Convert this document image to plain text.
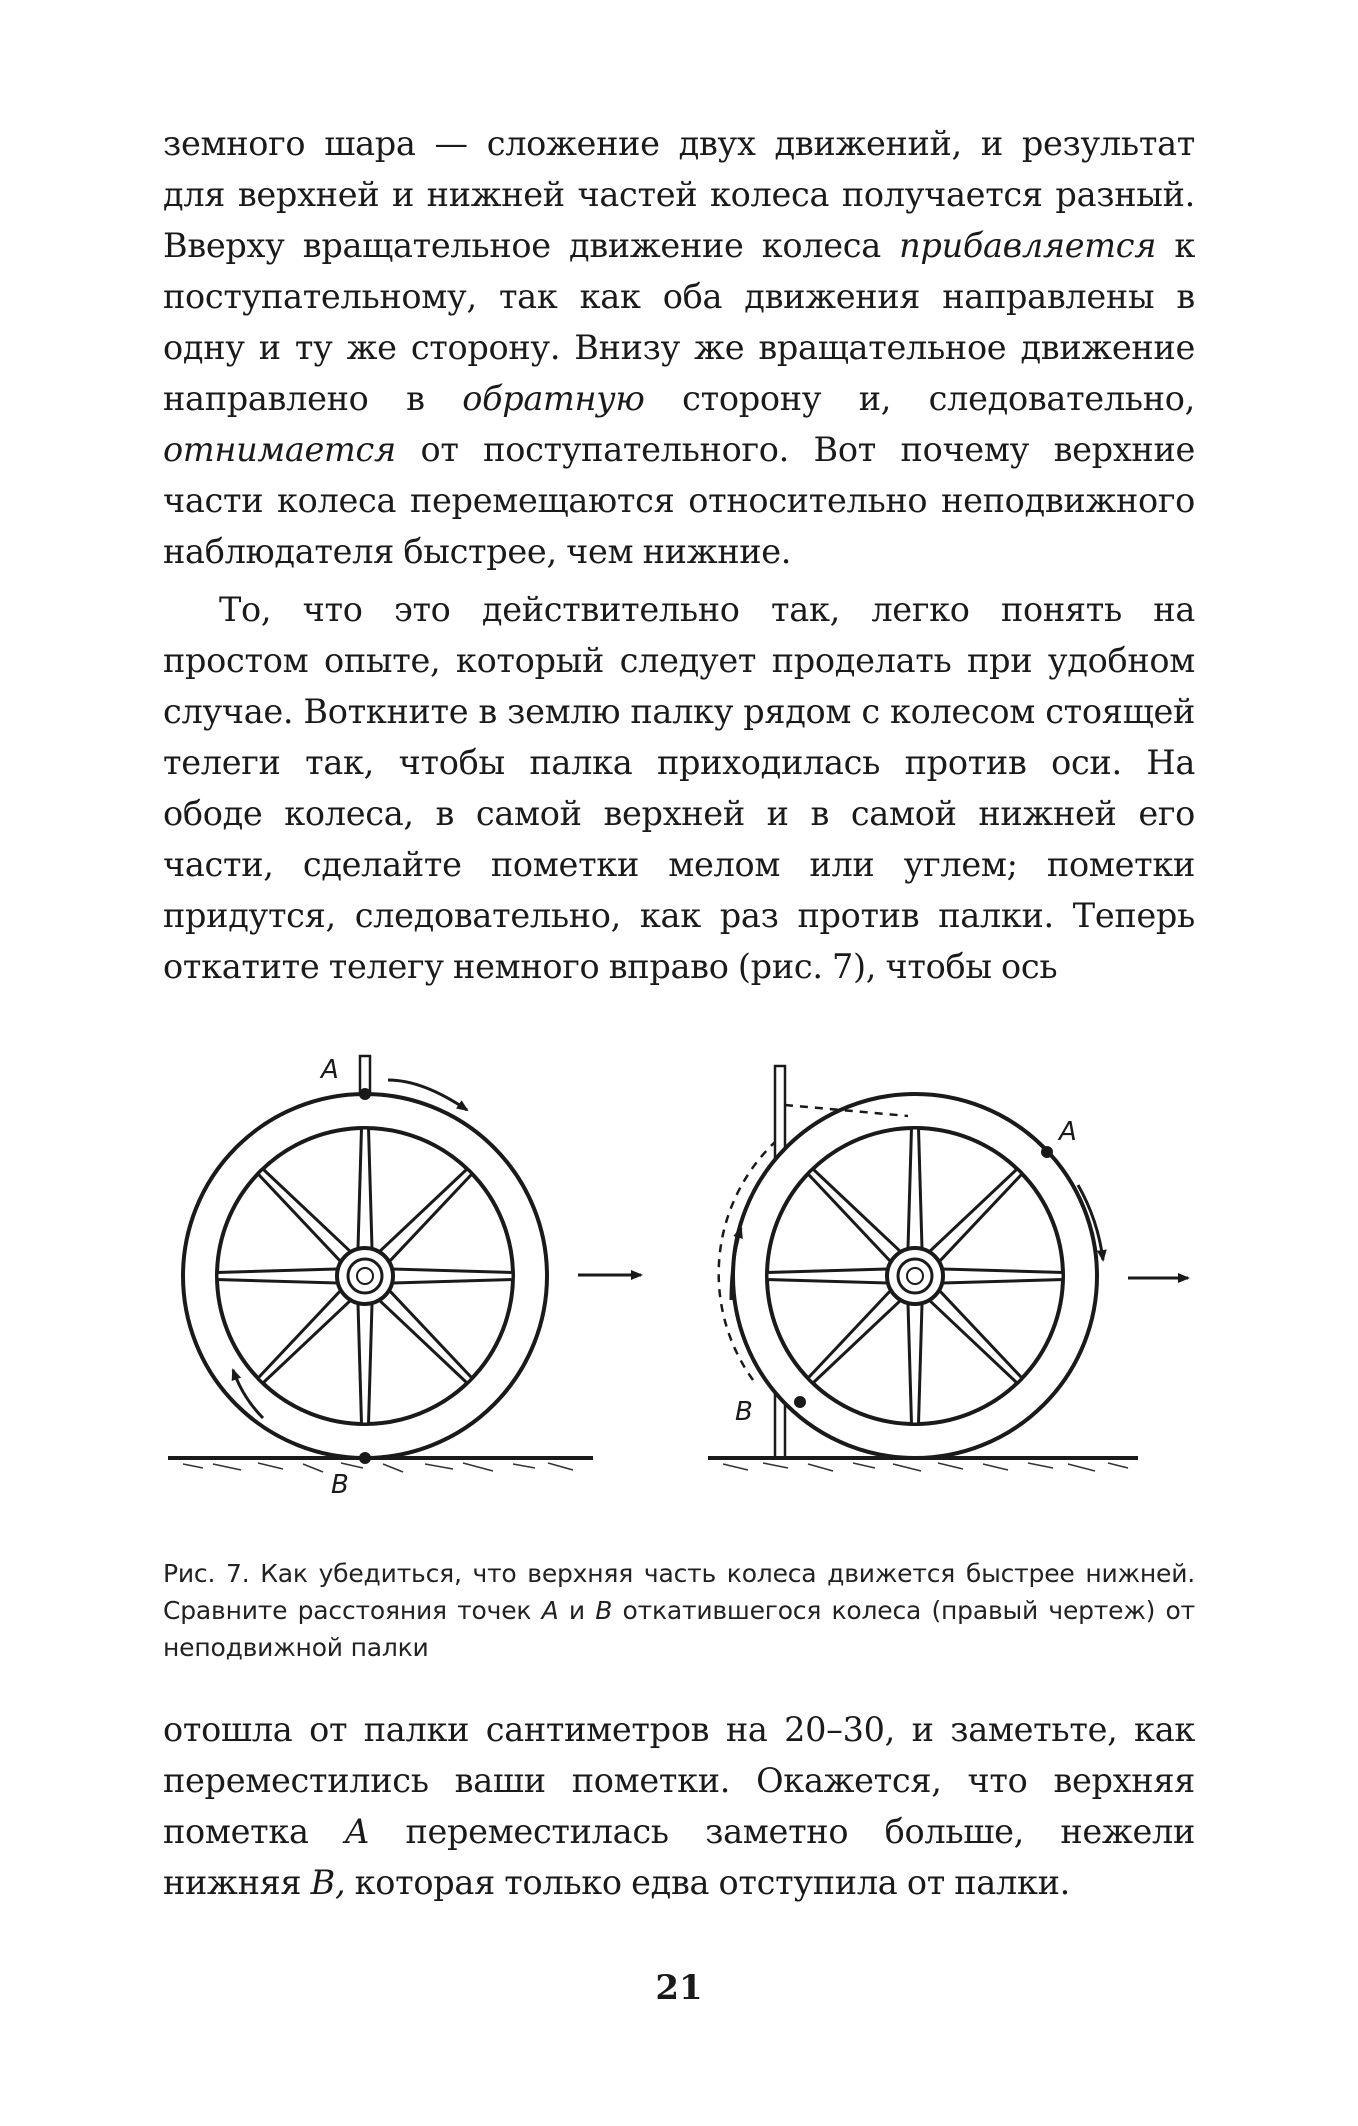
земного шара — сложение двух движений, и результат для верхней и нижней частей колеса получается разный. Вверху вращательное движение колеса прибавляется к поступательному, так как оба движения направлены в одну и ту же сторону. Внизу же вращательное движение направлено в обратную сторону и, следовательно, отнимается от поступательного. Вот почему верхние части колеса перемещаются относительно неподвижного наблюдателя быстрее, чем нижние.

То, что это действительно так, легко понять на простом опыте, который следует проделать при удобном случае. Воткните в землю палку рядом с колесом стоящей телеги так, чтобы палка приходилась против оси. На ободе колеса, в самой верхней и в самой нижней его части, сделайте пометки мелом или углем; пометки придутся, следовательно, как раз против палки. Теперь откатите телегу немного вправо (рис. 7), чтобы ось

A
B
A
B

Рис. 7. Как убедиться, что верхняя часть колеса движется быстрее нижней. Сравните расстояния точек A и B откатившегося колеса (правый чертеж) от неподвижной палки

отошла от палки сантиметров на 20–30, и заметьте, как переместились ваши пометки. Окажется, что верхняя пометка A переместилась заметно больше, нежели нижняя B, которая только едва отступила от палки.

21
